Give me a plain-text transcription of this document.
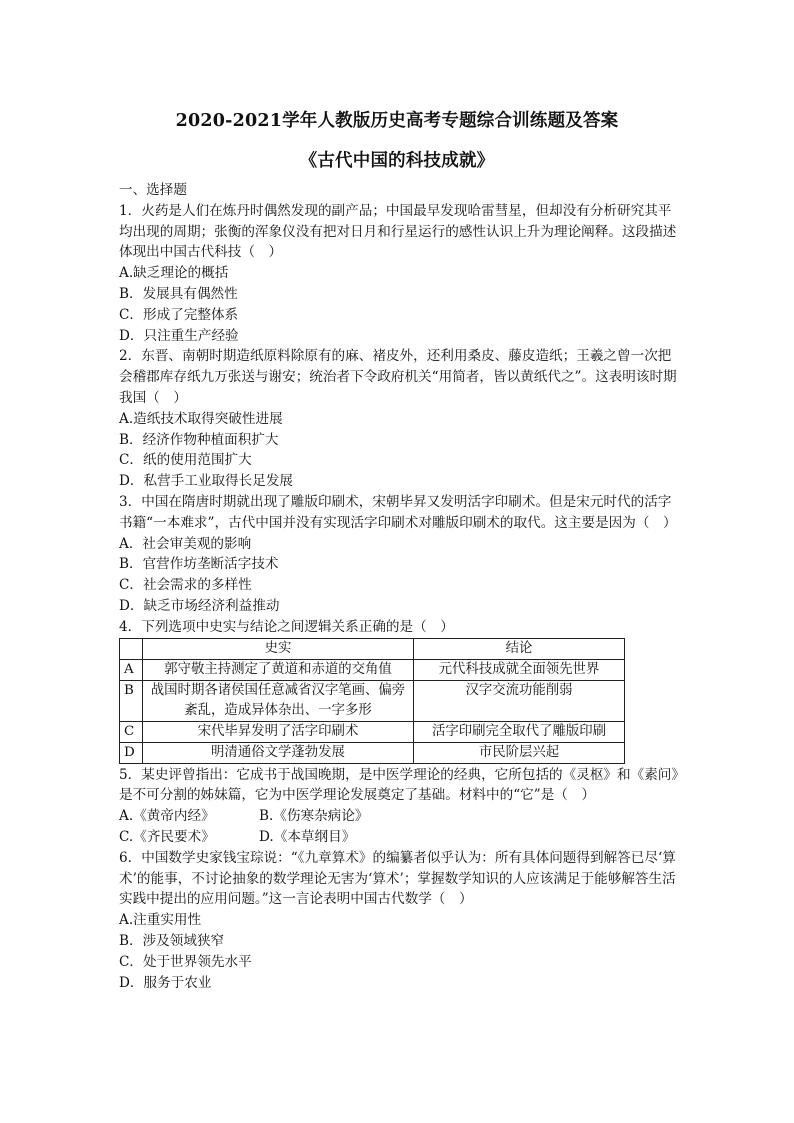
2020-2021学年人教版历史高考专题综合训练题及答案
《古代中国的科技成就》

一、选择题

1．火药是人们在炼丹时偶然发现的副产品；中国最早发现哈雷彗星，但却没有分析研究其平均出现的周期；张衡的浑象仪没有把对日月和行星运行的感性认识上升为理论阐释。这段描述体现出中国古代科技（　）

A.缺乏理论的概括

B．发展具有偶然性

C．形成了完整体系

D．只注重生产经验

2．东晋、南朝时期造纸原料除原有的麻、褚皮外，还利用桑皮、藤皮造纸；王羲之曾一次把会稽郡库存纸九万张送与谢安；统治者下令政府机关“用简者，皆以黄纸代之”。这表明该时期我国（　）

A.造纸技术取得突破性进展

B．经济作物种植面积扩大

C．纸的使用范围扩大

D．私营手工业取得长足发展

3．中国在隋唐时期就出现了雕版印刷术，宋朝毕昇又发明活字印刷术。但是宋元时代的活字书籍“一本难求”，古代中国并没有实现活字印刷术对雕版印刷术的取代。这主要是因为（　）

A．社会审美观的影响

B．官营作坊垄断活字技术

C．社会需求的多样性

D．缺乏市场经济利益推动

4．下列选项中史实与结论之间逻辑关系正确的是（　）

	史实	结论
A	郭守敬主持测定了黄道和赤道的交角值	元代科技成就全面领先世界
B	战国时期各诸侯国任意减省汉字笔画、偏旁紊乱，造成异体杂出、一字多形	汉字交流功能削弱
C	宋代毕昇发明了活字印刷术	活字印刷完全取代了雕版印刷
D	明清通俗文学蓬勃发展	市民阶层兴起

5．某史评曾指出：它成书于战国晚期，是中医学理论的经典，它所包括的《灵枢》和《素问》是不可分割的姊妹篇，它为中医学理论发展奠定了基础。材料中的“它”是（　）

A.《黄帝内经》	B.《伤寒杂病论》

C.《齐民要术》	D.《本草纲目》

6．中国数学史家钱宝琮说：“《九章算术》的编纂者似乎认为：所有具体问题得到解答已尽‘算术’的能事，不讨论抽象的数学理论无害为‘算术’；掌握数学知识的人应该满足于能够解答生活实践中提出的应用问题。”这一言论表明中国古代数学（　）

A.注重实用性

B．涉及领域狭窄

C．处于世界领先水平

D．服务于农业
